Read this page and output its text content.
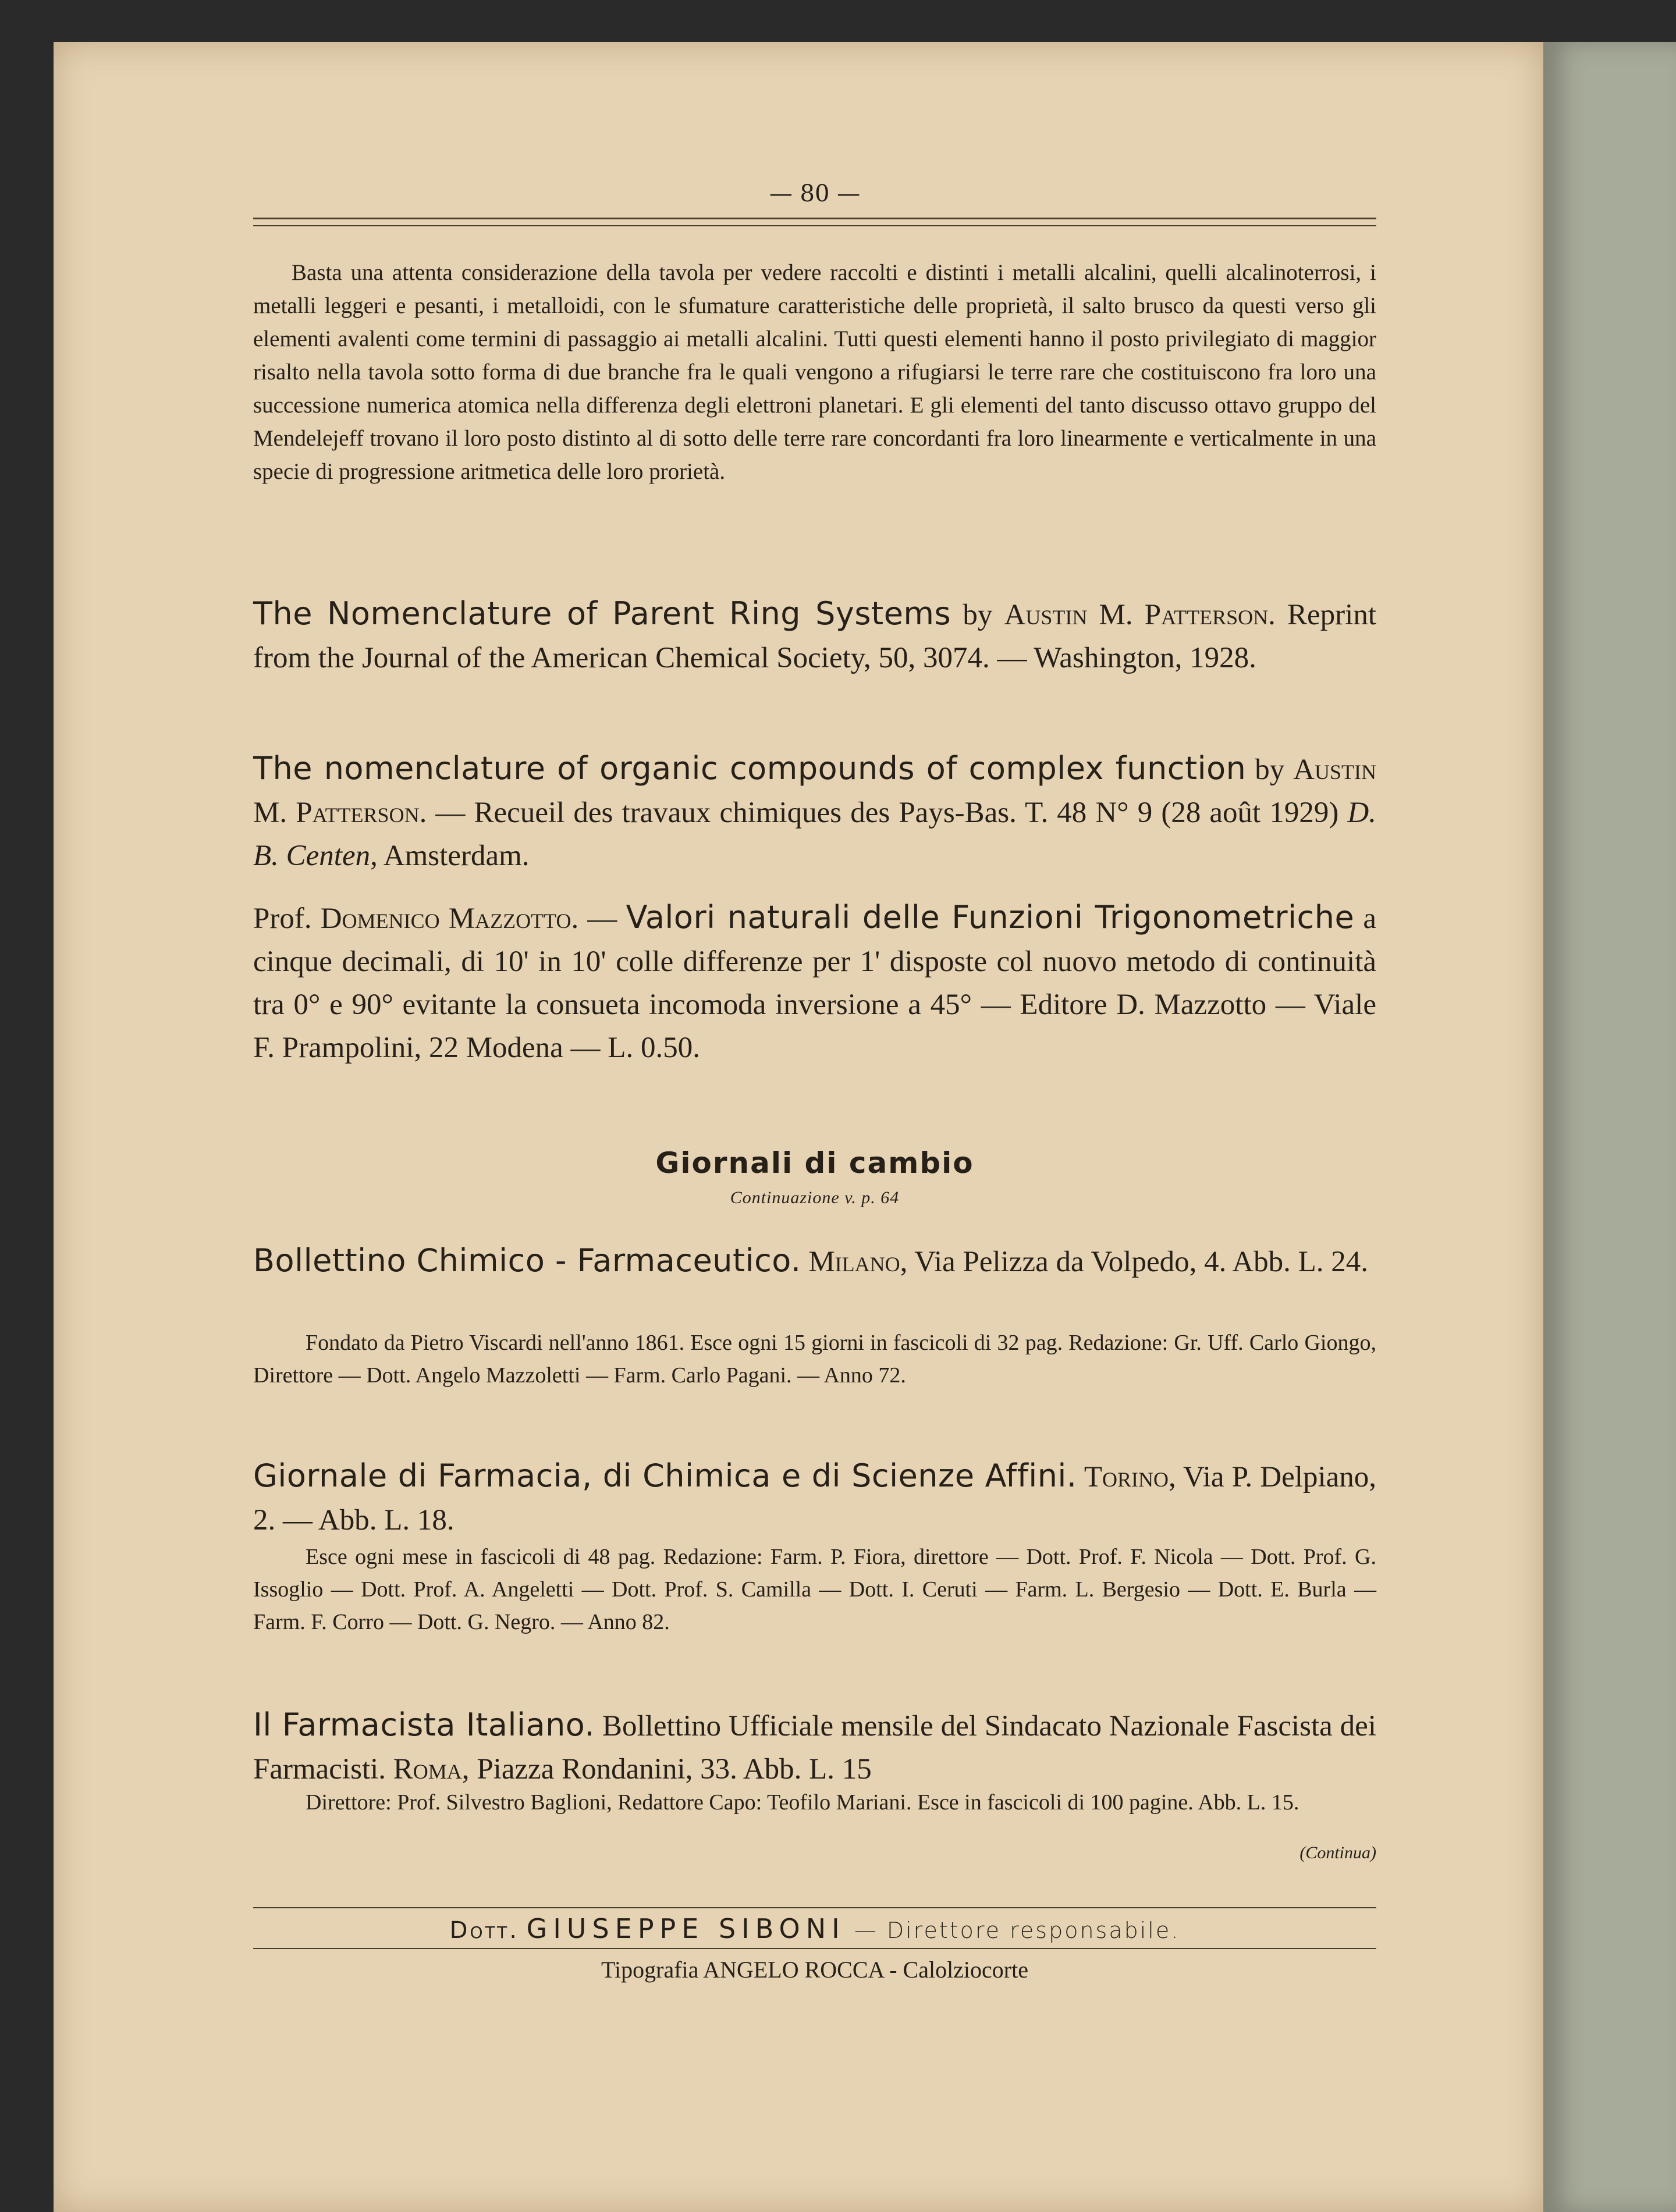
— 80 —

Basta una attenta considerazione della tavola per vedere raccolti e distinti i metalli alcalini, quelli alcalinoterrosi, i metalli leggeri e pesanti, i metalloidi, con le sfumature caratteristiche delle proprietà, il salto brusco da questi verso gli elementi avalenti come termini di passaggio ai metalli alcalini. Tutti questi elementi hanno il posto privilegiato di maggior risalto nella tavola sotto forma di due branche fra le quali vengono a rifugiarsi le terre rare che costituiscono fra loro una successione numerica atomica nella differenza degli elettroni planetari. E gli elementi del tanto discusso ottavo gruppo del Mendelejeff trovano il loro posto distinto al di sotto delle terre rare concordanti fra loro linearmente e verticalmente in una specie di progressione aritmetica delle loro prorietà.

The Nomenclature of Parent Ring Systems by Austin M. Patterson. Reprint from the Journal of the American Chemical Society, 50, 3074. — Washington, 1928.

The nomenclature of organic compounds of complex function by Austin M. Patterson. — Recueil des travaux chimiques des Pays-Bas. T. 48 N° 9 (28 août 1929) D. B. Centen, Amsterdam.

Prof. Domenico Mazzotto. — Valori naturali delle Funzioni Trigonometriche a cinque decimali, di 10' in 10' colle differenze per 1' disposte col nuovo metodo di continuità tra 0° e 90° evitante la consueta incomoda inversione a 45° — Editore D. Mazzotto — Viale F. Prampolini, 22 Modena — L. 0.50.

Giornali di cambio
Continuazione v. p. 64

Bollettino Chimico - Farmaceutico. Milano, Via Pelizza da Volpedo, 4. Abb. L. 24.

Fondato da Pietro Viscardi nell'anno 1861. Esce ogni 15 giorni in fascicoli di 32 pag. Redazione: Gr. Uff. Carlo Giongo, Direttore — Dott. Angelo Mazzoletti — Farm. Carlo Pagani. — Anno 72.

Giornale di Farmacia, di Chimica e di Scienze Affini. Torino, Via P. Delpiano, 2. — Abb. L. 18.

Esce ogni mese in fascicoli di 48 pag. Redazione: Farm. P. Fiora, direttore — Dott. Prof. F. Nicola — Dott. Prof. G. Issoglio — Dott. Prof. A. Angeletti — Dott. Prof. S. Camilla — Dott. I. Ceruti — Farm. L. Bergesio — Dott. E. Burla — Farm. F. Corro — Dott. G. Negro. — Anno 82.

Il Farmacista Italiano. Bollettino Ufficiale mensile del Sindacato Nazionale Fascista dei Farmacisti. Roma, Piazza Rondanini, 33. Abb. L. 15

Direttore: Prof. Silvestro Baglioni, Redattore Capo: Teofilo Mariani. Esce in fascicoli di 100 pagine. Abb. L. 15.

(Continua)
Dott. GIUSEPPE SIBONI — Direttore responsabile.
Tipografia ANGELO ROCCA - Calolziocorte
